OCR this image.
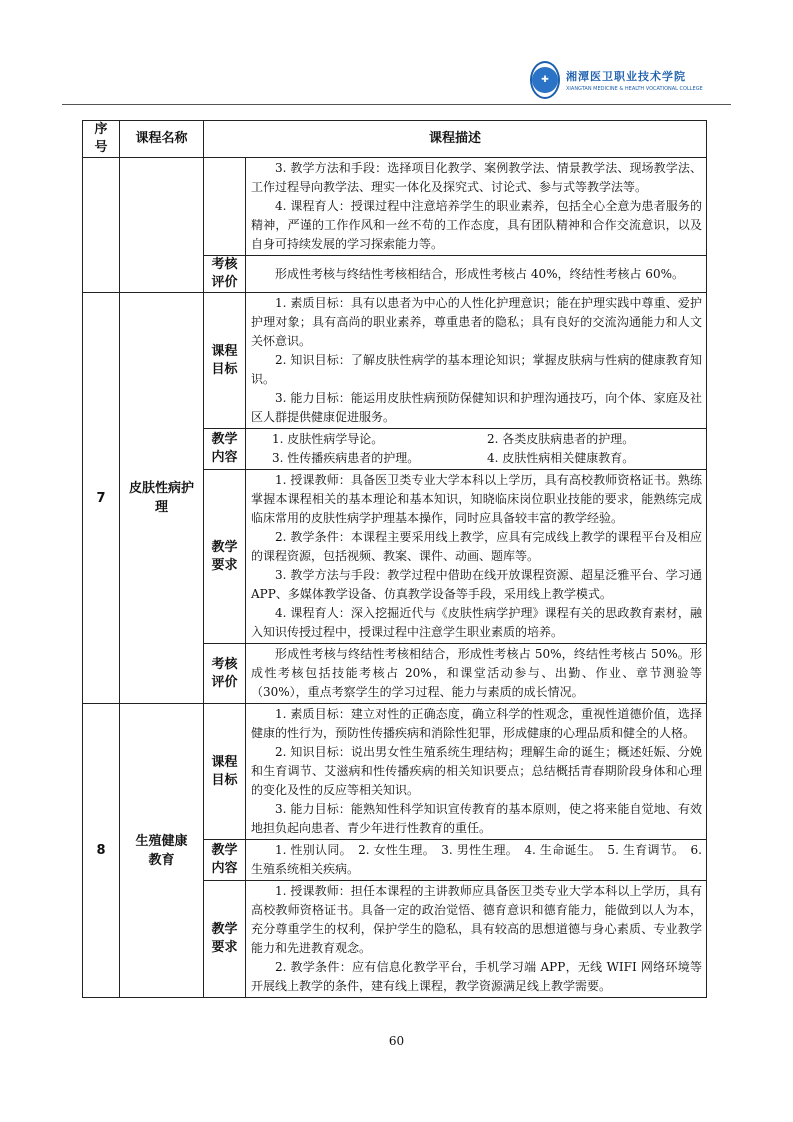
✚	湘潭医卫职业技术学院
XIANGTAN MEDICINE & HEALTH VOCATIONAL COLLEGE
序号	课程名称	课程描述	

			3. 教学方法和手段：选择项目化教学、案例教学法、情景教学法、现场教学法、工作过程导向教学法、理实一体化及探究式、讨论式、参与式等教学法等。

4. 课程育人：授课过程中注意培养学生的职业素养，包括全心全意为患者服务的精神，严谨的工作作风和一丝不苟的工作态度，具有团队精神和合作交流意识，以及自身可持续发展的学习探索能力等。

		考核评价	形成性考核与终结性考核相结合，形成性考核占 40%，终结性考核占 60%。

7	皮肤性病护理	课程目标	1. 素质目标：具有以患者为中心的人性化护理意识；能在护理实践中尊重、爱护护理对象；具有高尚的职业素养，尊重患者的隐私；具有良好的交流沟通能力和人文关怀意识。

2. 知识目标：了解皮肤性病学的基本理论知识；掌握皮肤病与性病的健康教育知识。

3. 能力目标：能运用皮肤性病预防保健知识和护理沟通技巧，向个体、家庭及社区人群提供健康促进服务。

		教学内容	1. 皮肤性病学导论。 2. 各类皮肤病患者的护理。
3. 性传播疾病患者的护理。 4. 皮肤性病相关健康教育。

		教学要求	1. 授课教师：具备医卫类专业大学本科以上学历，具有高校教师资格证书。熟练掌握本课程相关的基本理论和基本知识，知晓临床岗位职业技能的要求，能熟练完成临床常用的皮肤性病学护理基本操作，同时应具备较丰富的教学经验。

2. 教学条件：本课程主要采用线上教学，应具有完成线上教学的课程平台及相应的课程资源，包括视频、教案、课件、动画、题库等。

3. 教学方法与手段：教学过程中借助在线开放课程资源、超星泛雅平台、学习通 APP、多媒体教学设备、仿真教学设备等手段，采用线上教学模式。

4. 课程育人：深入挖掘近代与《皮肤性病学护理》课程有关的思政教育素材，融入知识传授过程中，授课过程中注意学生职业素质的培养。

		考核评价	形成性考核与终结性考核相结合，形成性考核占 50%，终结性考核占 50%。形成性考核包括技能考核占 20%，和课堂活动参与、出勤、作业、章节测验等（30%），重点考察学生的学习过程、能力与素质的成长情况。

8	生殖健康教育	课程目标	1. 素质目标：建立对性的正确态度，确立科学的性观念，重视性道德价值，选择健康的性行为，预防性传播疾病和消除性犯罪，形成健康的心理品质和健全的人格。

2. 知识目标：说出男女性生殖系统生理结构；理解生命的诞生；概述妊娠、分娩和生育调节、艾滋病和性传播疾病的相关知识要点；总结概括青春期阶段身体和心理的变化及性的反应等相关知识。

3. 能力目标：能熟知性科学知识宣传教育的基本原则，使之将来能自觉地、有效地担负起向患者、青少年进行性教育的重任。

		教学内容	1. 性别认同。　2. 女性生理。　3. 男性生理。　4. 生命诞生。　5. 生育调节。　6. 生殖系统相关疾病。

		教学要求	1. 授课教师：担任本课程的主讲教师应具备医卫类专业大学本科以上学历，具有高校教师资格证书。具备一定的政治觉悟、德育意识和德育能力，能做到以人为本，充分尊重学生的权利，保护学生的隐私，具有较高的思想道德与身心素质、专业教学能力和先进教育观念。

2. 教学条件：应有信息化教学平台，手机学习端 APP，无线 WIFI 网络环境等开展线上教学的条件，建有线上课程，教学资源满足线上教学需要。

60
